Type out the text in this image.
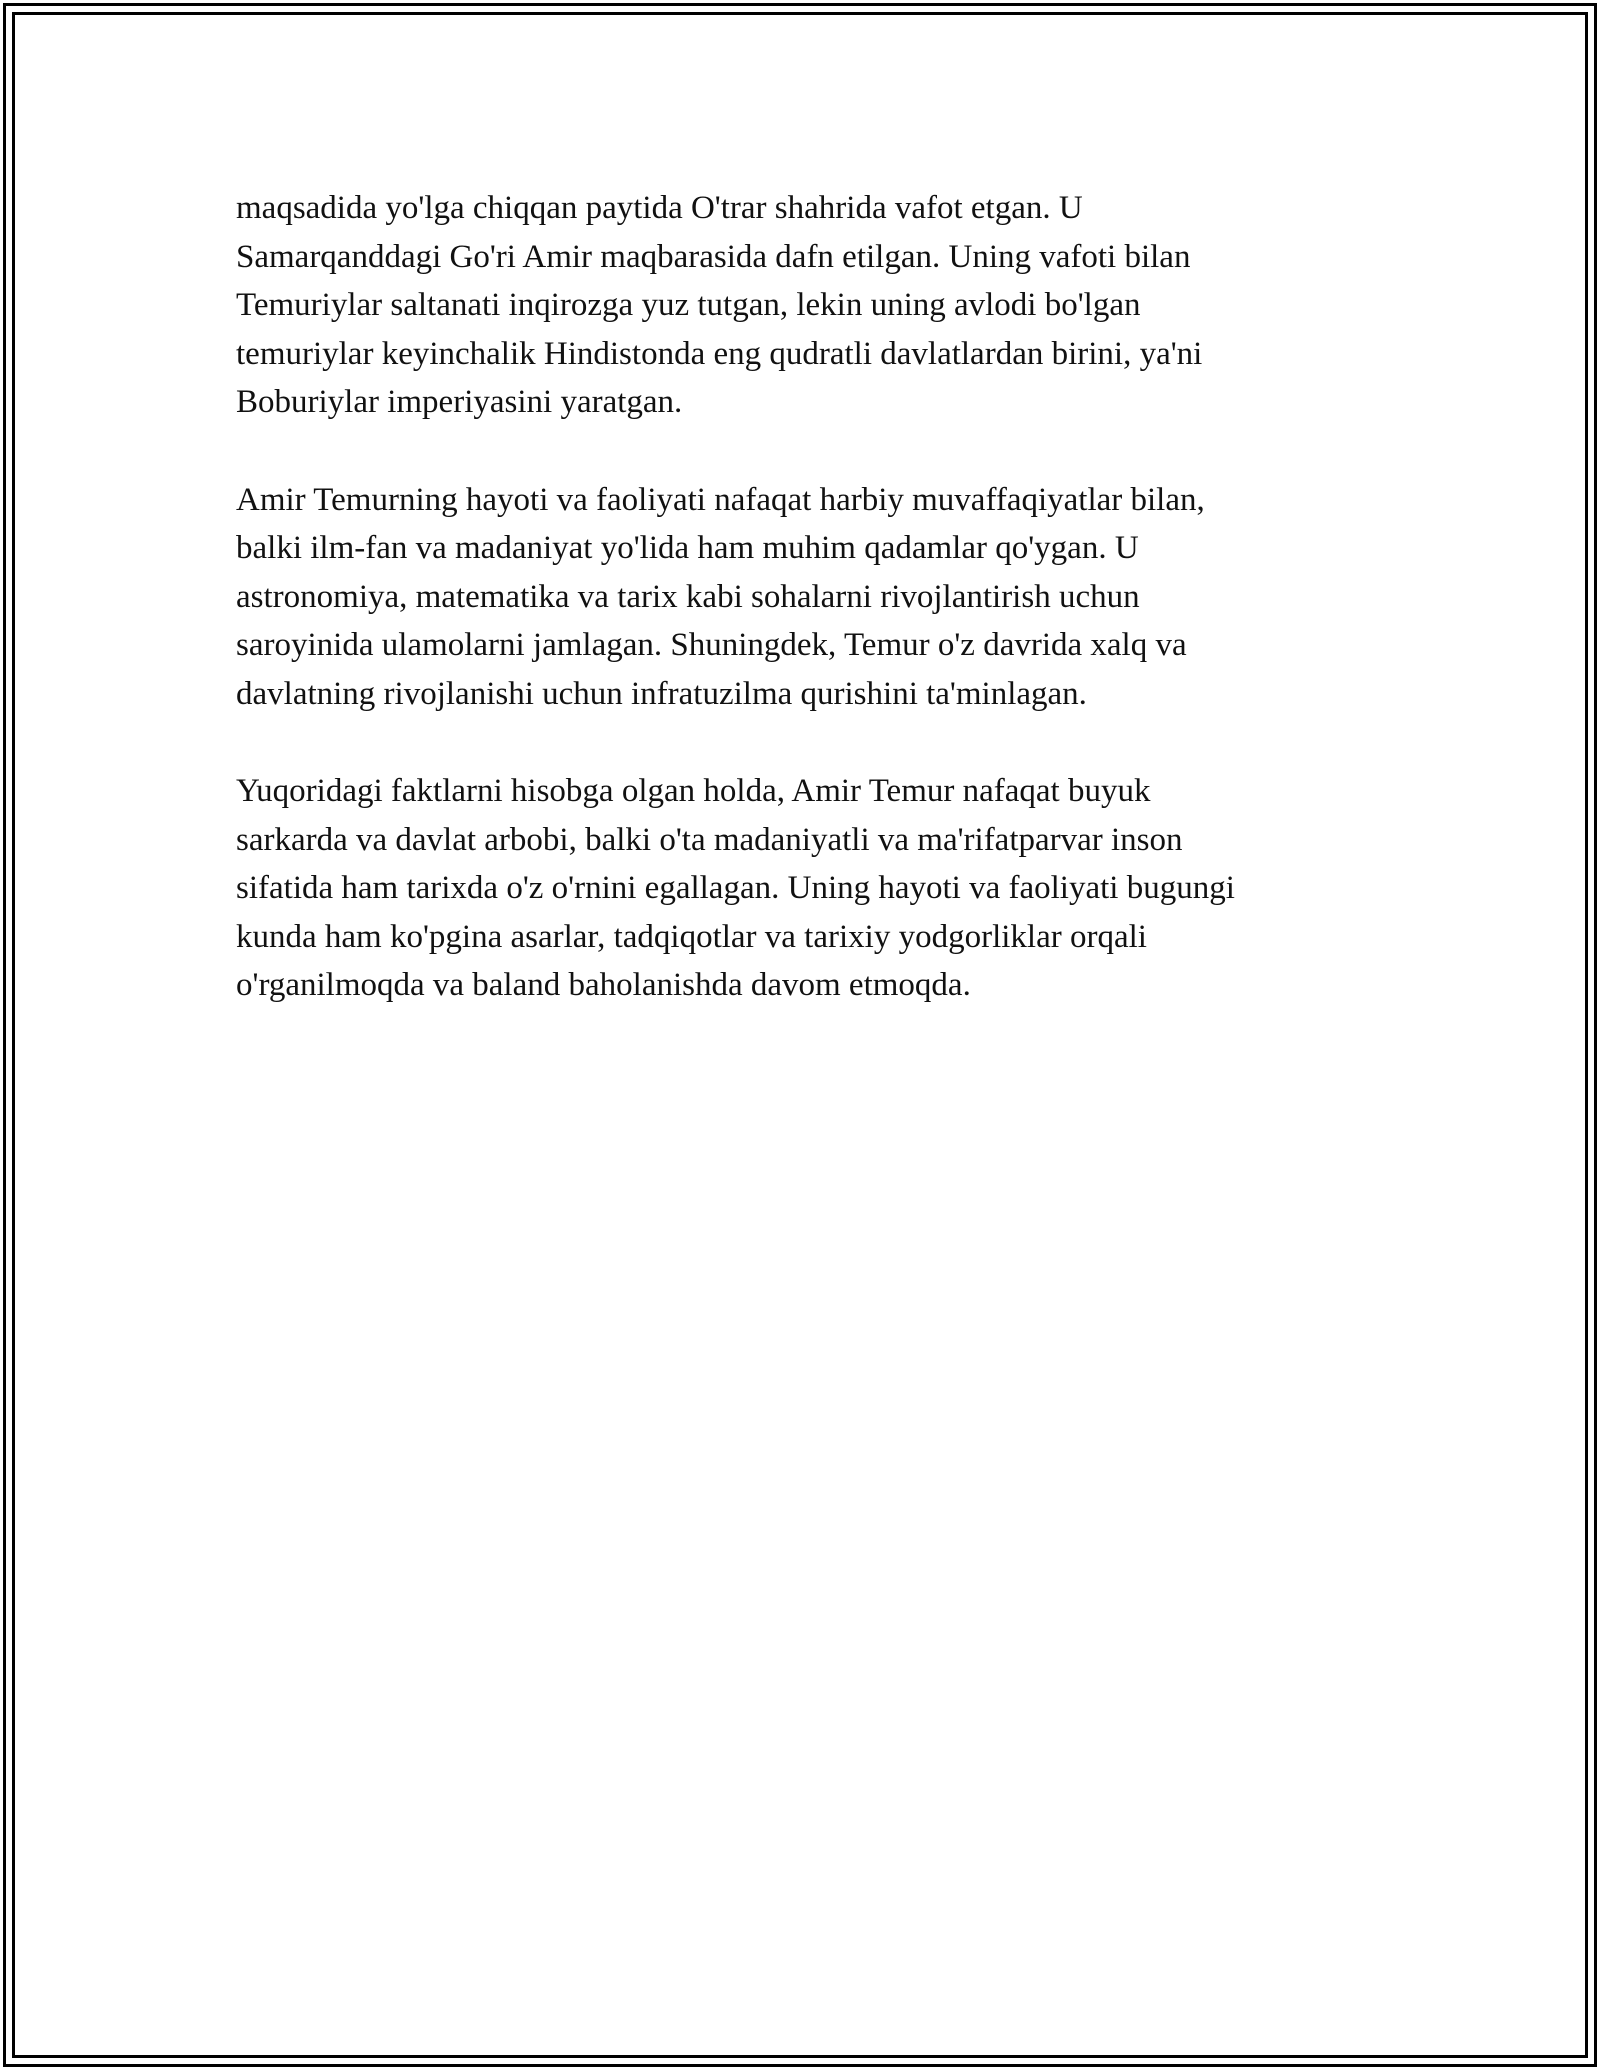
maqsadida yo'lga chiqqan paytida O'trar shahrida vafot etgan. U
Samarqanddagi Go'ri Amir maqbarasida dafn etilgan. Uning vafoti bilan
Temuriylar saltanati inqirozga yuz tutgan, lekin uning avlodi bo'lgan
temuriylar keyinchalik Hindistonda eng qudratli davlatlardan birini, ya'ni
Boburiylar imperiyasini yaratgan.

Amir Temurning hayoti va faoliyati nafaqat harbiy muvaffaqiyatlar bilan,
balki ilm-fan va madaniyat yo'lida ham muhim qadamlar qo'ygan. U
astronomiya, matematika va tarix kabi sohalarni rivojlantirish uchun
saroyinida ulamolarni jamlagan. Shuningdek, Temur o'z davrida xalq va
davlatning rivojlanishi uchun infratuzilma qurishini ta'minlagan.

Yuqoridagi faktlarni hisobga olgan holda, Amir Temur nafaqat buyuk
sarkarda va davlat arbobi, balki o'ta madaniyatli va ma'rifatparvar inson
sifatida ham tarixda o'z o'rnini egallagan. Uning hayoti va faoliyati bugungi
kunda ham ko'pgina asarlar, tadqiqotlar va tarixiy yodgorliklar orqali
o'rganilmoqda va baland baholanishda davom etmoqda.
